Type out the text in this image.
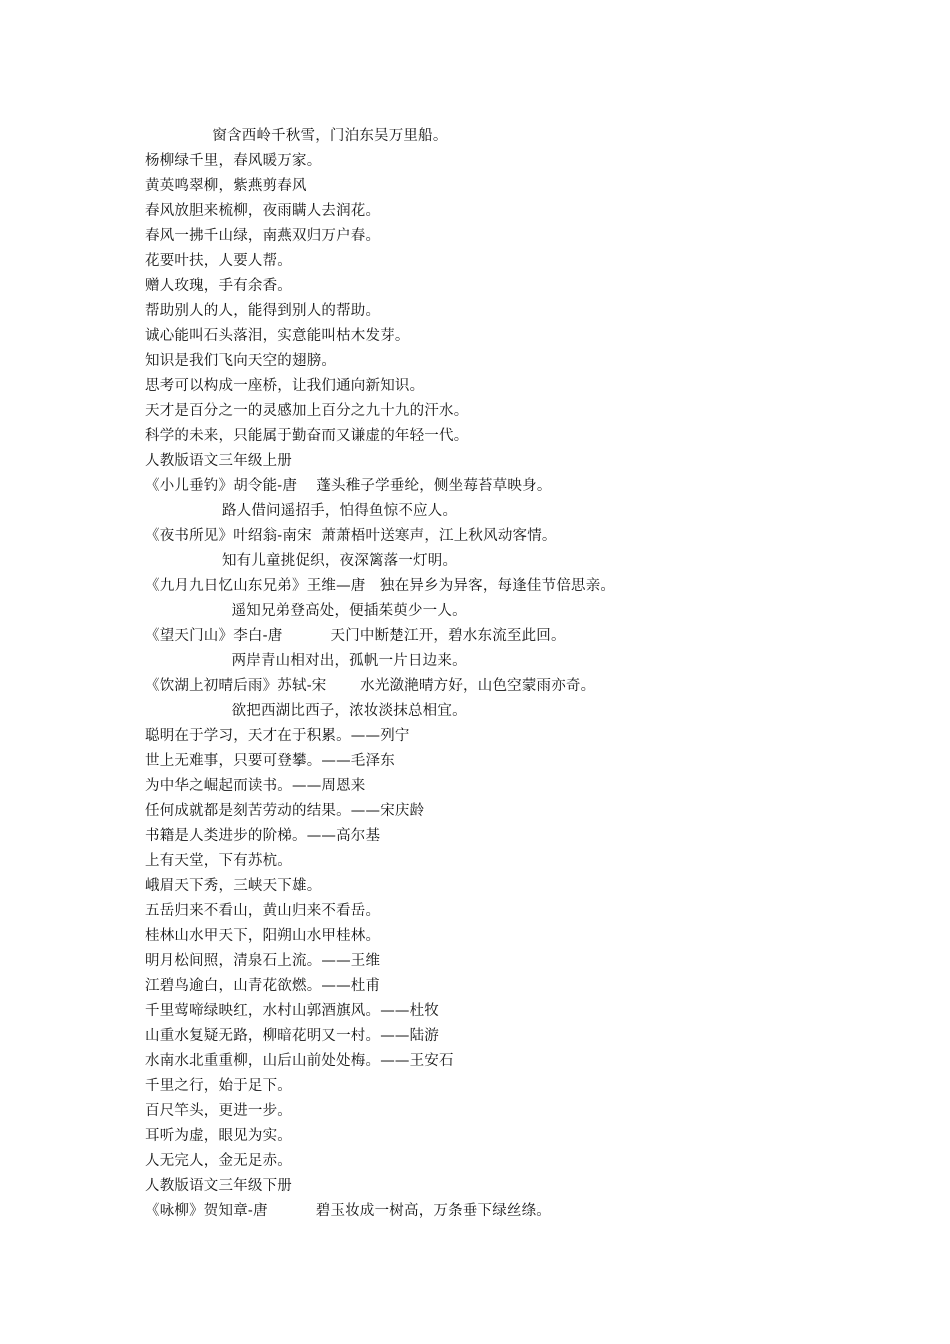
窗含西岭千秋雪，门泊东吴万里船。
杨柳绿千里，春风暖万家。
黄英鸣翠柳，紫燕剪春风
春风放胆来梳柳，夜雨瞒人去润花。
春风一拂千山绿，南燕双归万户春。
花要叶扶，人要人帮。
赠人玫瑰，手有余香。
帮助别人的人，能得到别人的帮助。
诚心能叫石头落泪，实意能叫枯木发芽。
知识是我们飞向天空的翅膀。
思考可以构成一座桥，让我们通向新知识。
天才是百分之一的灵感加上百分之九十九的汗水。
科学的未来，只能属于勤奋而又谦虚的年轻一代。
人教版语文三年级上册
《小儿垂钓》胡令能-唐    蓬头稚子学垂纶，侧坐莓苔草映身。
路人借问遥招手，怕得鱼惊不应人。
《夜书所见》叶绍翁-南宋  萧萧梧叶送寒声，江上秋风动客情。
知有儿童挑促织，夜深篱落一灯明。
《九月九日忆山东兄弟》王维—唐   独在异乡为异客，每逢佳节倍思亲。
遥知兄弟登高处，便插茱萸少一人。
《望天门山》李白-唐          天门中断楚江开，碧水东流至此回。
两岸青山相对出，孤帆一片日边来。
《饮湖上初晴后雨》苏轼-宋       水光潋滟晴方好，山色空蒙雨亦奇。
欲把西湖比西子，浓妆淡抹总相宜。
聪明在于学习，天才在于积累。——列宁
世上无难事，只要可登攀。——毛泽东
为中华之崛起而读书。——周恩来
任何成就都是刻苦劳动的结果。——宋庆龄
书籍是人类进步的阶梯。——高尔基
上有天堂，下有苏杭。
峨眉天下秀，三峡天下雄。
五岳归来不看山，黄山归来不看岳。
桂林山水甲天下，阳朔山水甲桂林。
明月松间照，清泉石上流。——王维
江碧鸟逾白，山青花欲燃。——杜甫
千里莺啼绿映红，水村山郭酒旗风。——杜牧
山重水复疑无路，柳暗花明又一村。——陆游
水南水北重重柳，山后山前处处梅。——王安石
千里之行，始于足下。
百尺竿头，更进一步。
耳听为虚，眼见为实。
人无完人，金无足赤。
人教版语文三年级下册
《咏柳》贺知章-唐          碧玉妆成一树高，万条垂下绿丝绦。
